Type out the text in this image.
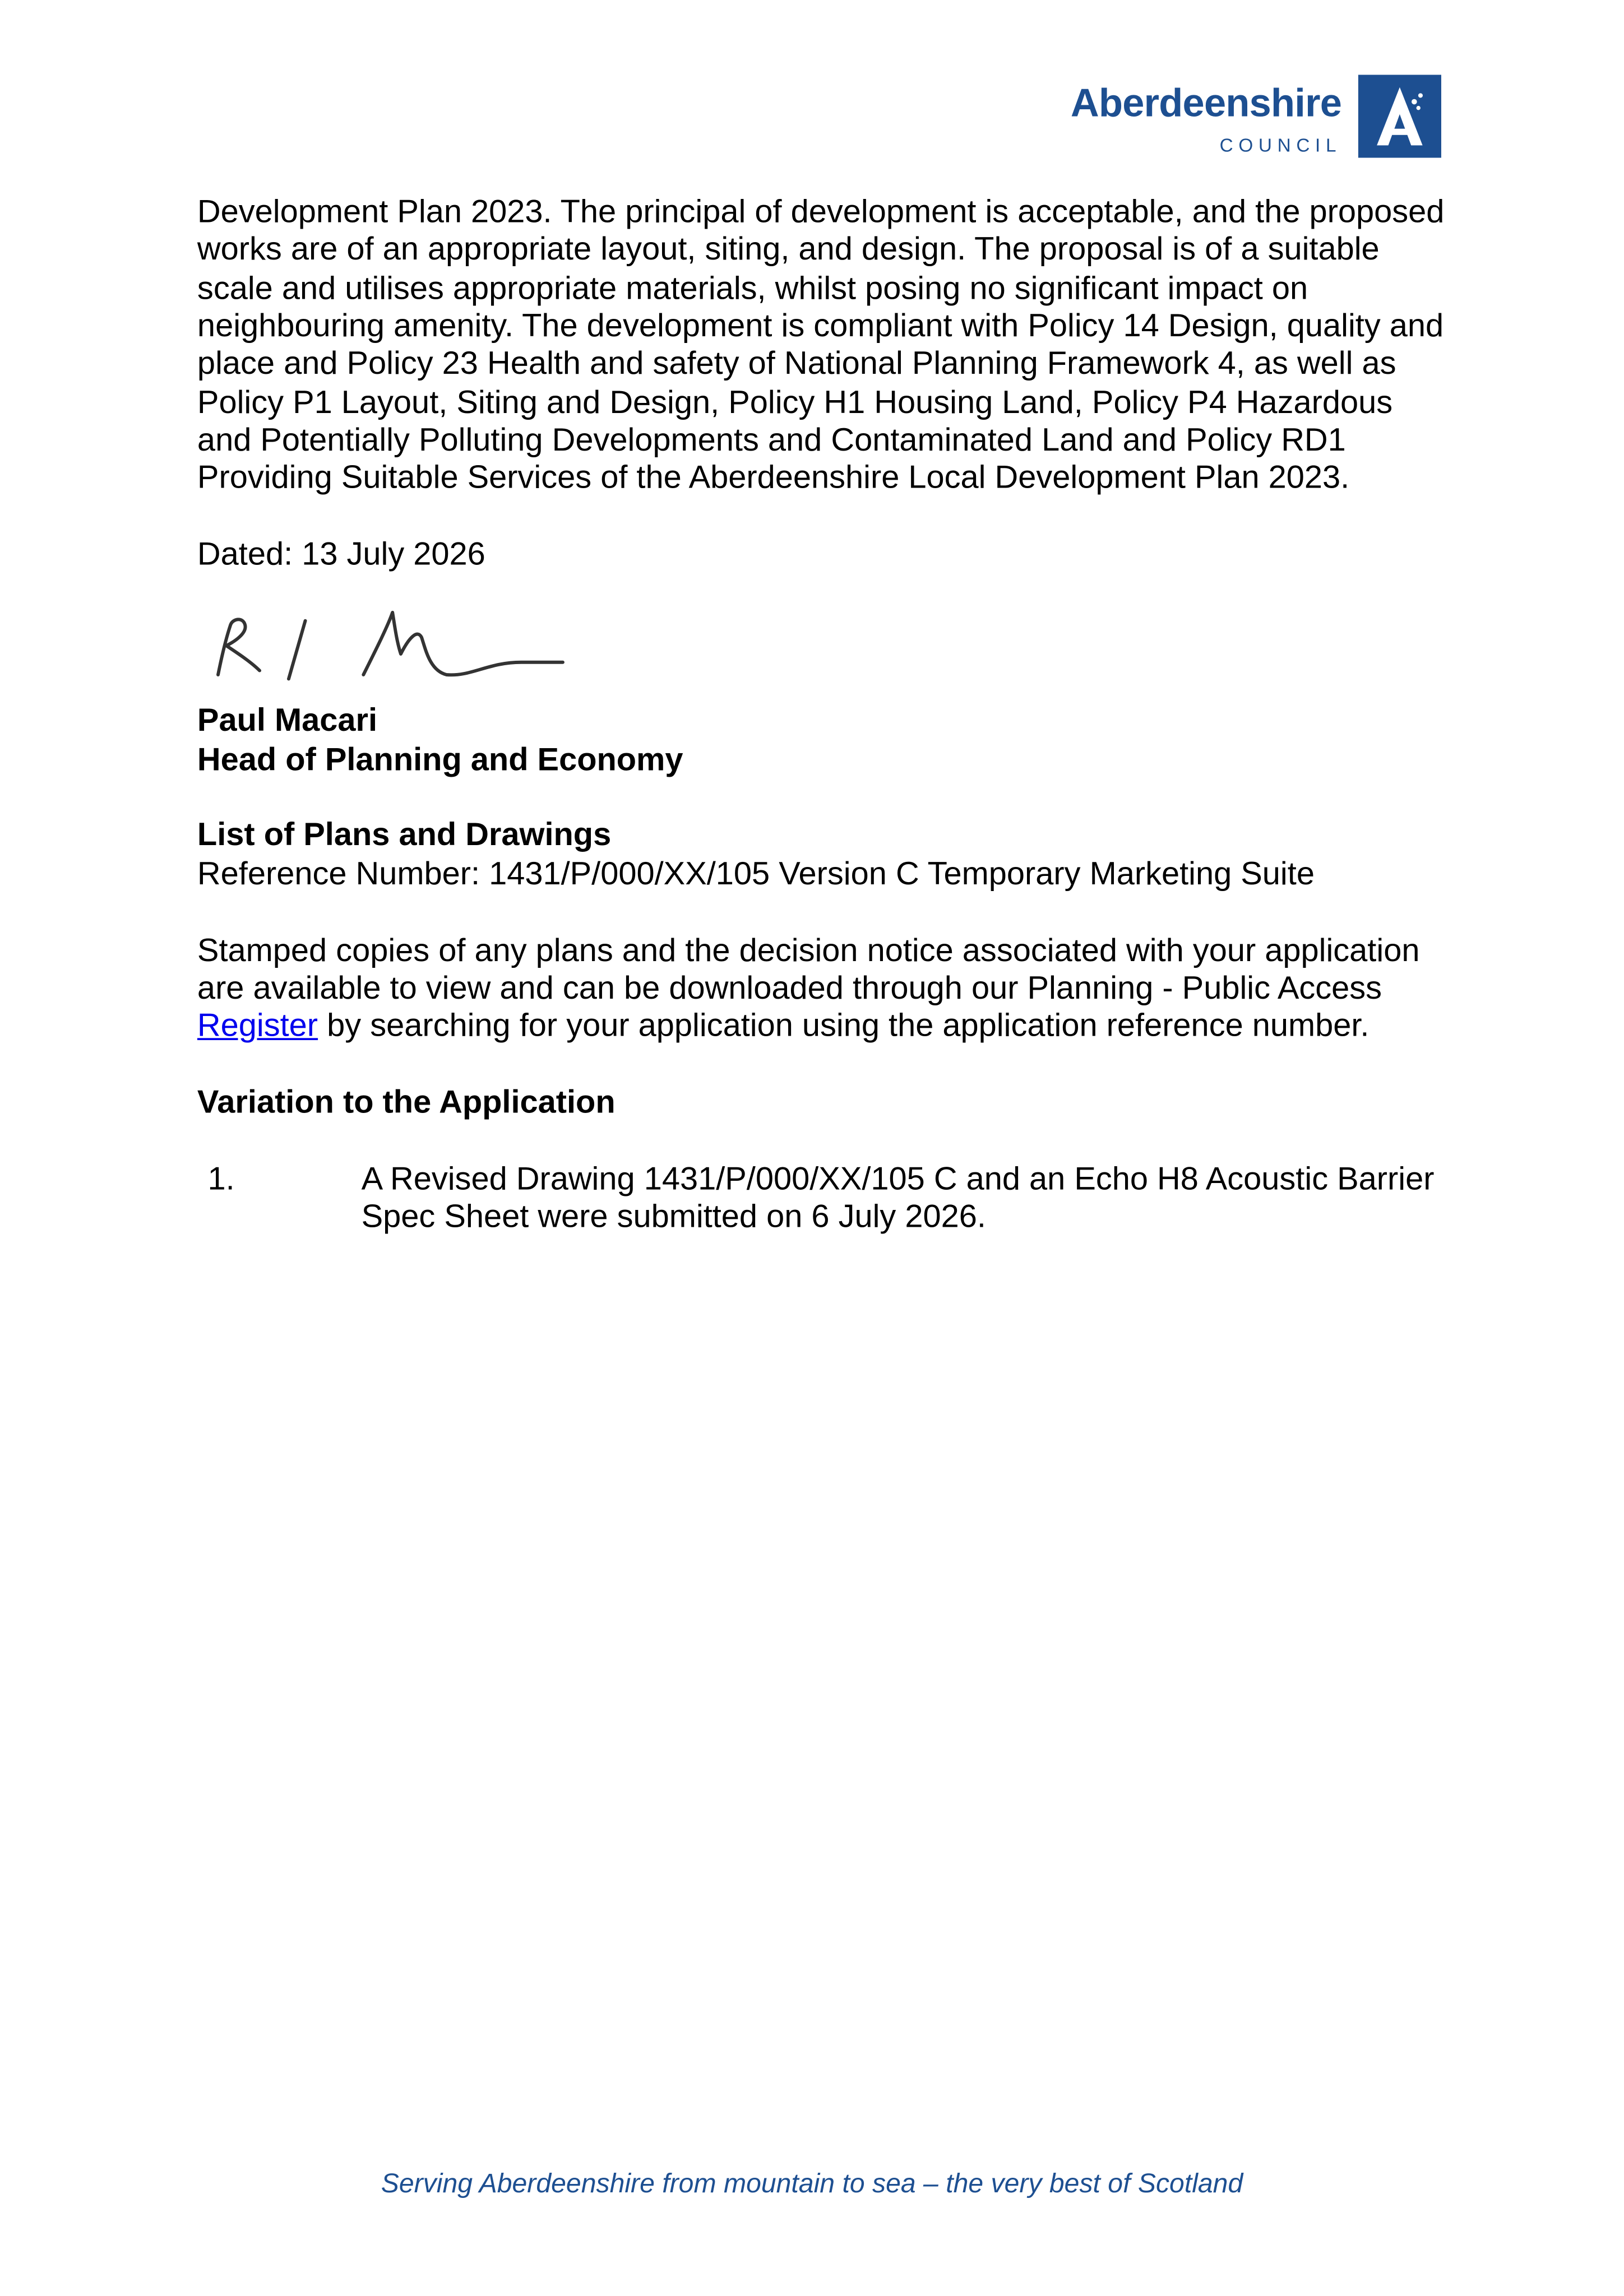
Aberdeenshire
COUNCIL

Development Plan 2023. The principal of development is acceptable, and the proposed works are of an appropriate layout, siting, and design. The proposal is of a suitable scale and utilises appropriate materials, whilst posing no significant impact on neighbouring amenity. The development is compliant with Policy 14 Design, quality and place and Policy 23 Health and safety of National Planning Framework 4, as well as Policy P1 Layout, Siting and Design, Policy H1 Housing Land, Policy P4 Hazardous and Potentially Polluting Developments and Contaminated Land and Policy RD1 Providing Suitable Services of the Aberdeenshire Local Development Plan 2023.

Dated: 13 July 2026

Paul Macari

Head of Planning and Economy

List of Plans and Drawings

Reference Number: 1431/P/000/XX/105 Version C Temporary Marketing Suite

Stamped copies of any plans and the decision notice associated with your application are available to view and can be downloaded through our Planning - Public Access Register by searching for your application using the application reference number.

Variation to the Application

1.	A Revised Drawing 1431/P/000/XX/105 C and an Echo H8 Acoustic Barrier Spec Sheet were submitted on 6 July 2026.
Serving Aberdeenshire from mountain to sea – the very best of Scotland
